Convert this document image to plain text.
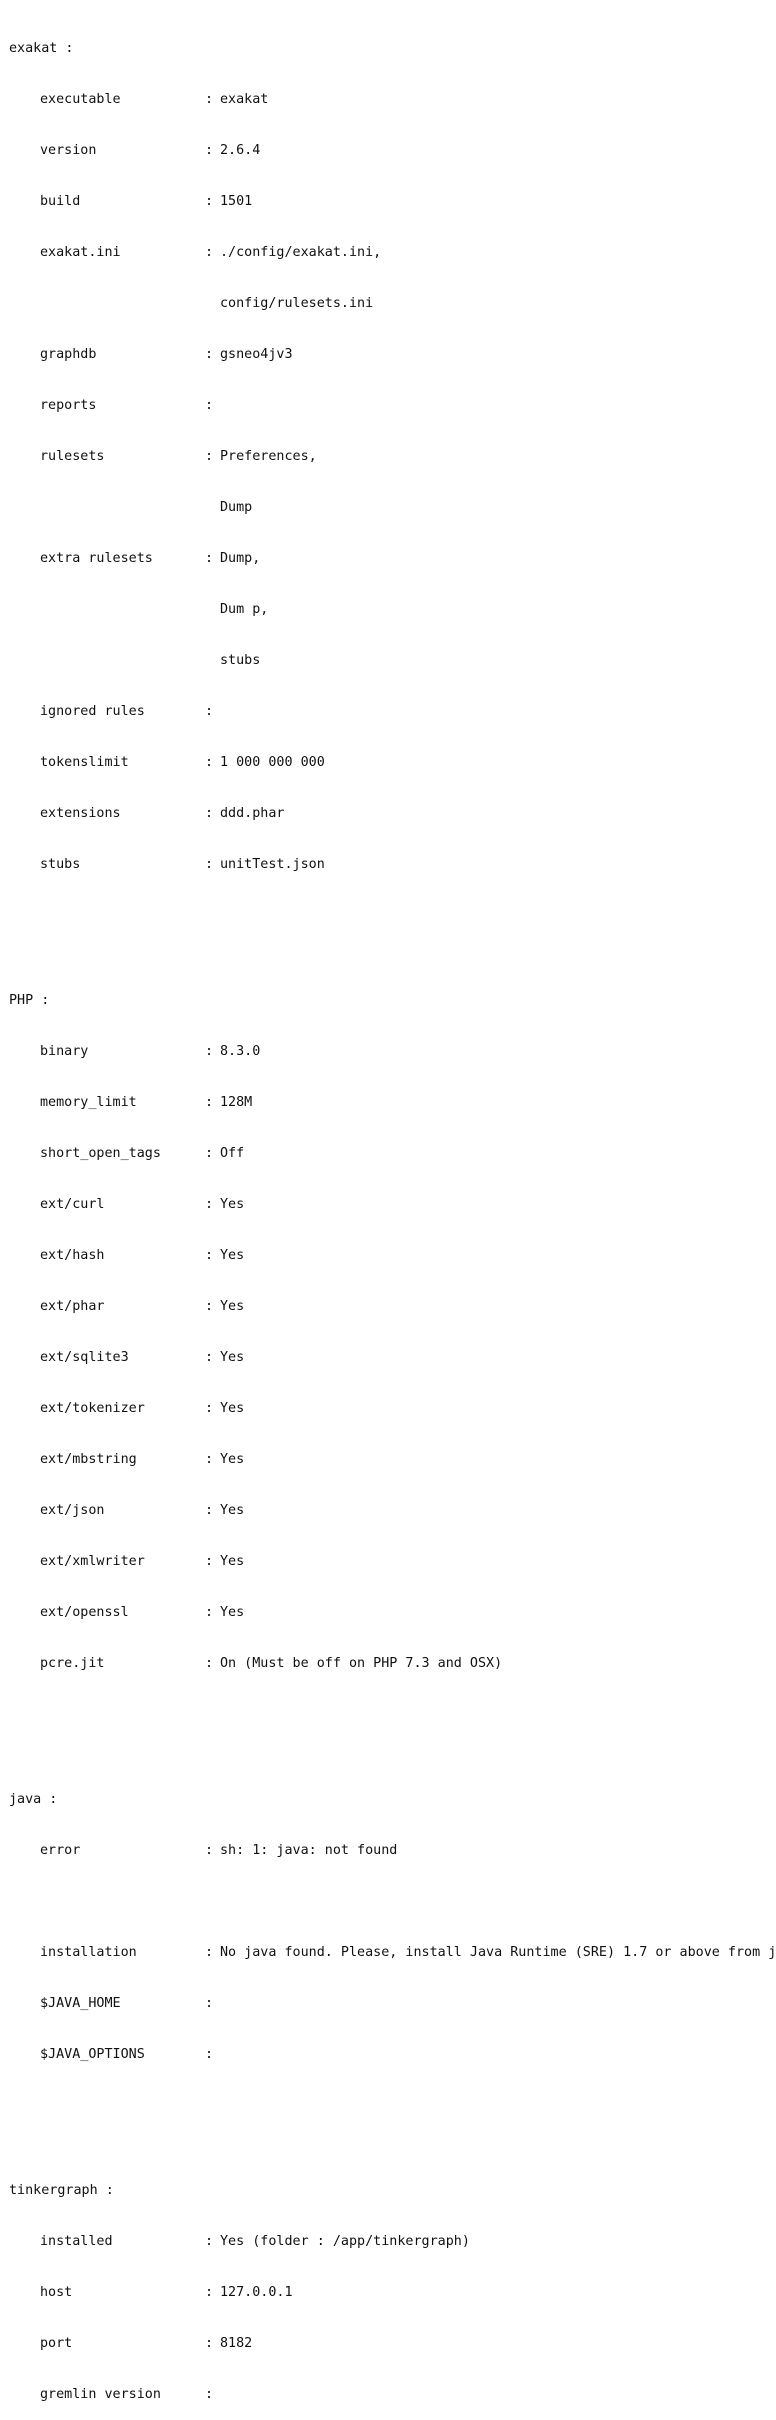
exakat :

executable	: exakat

version	: 2.6.4

build	: 1501

exakat.ini	: ./config/exakat.ini,

config/rulesets.ini

graphdb	: gsneo4jv3

reports	:

rulesets	: Preferences,

Dump

extra rulesets	: Dump,

Dum p,

stubs

ignored rules	:

tokenslimit	: 1 000 000 000

extensions	: ddd.phar

stubs	: unitTest.json

PHP :

binary	: 8.3.0

memory_limit	: 128M

short_open_tags	: Off

ext/curl	: Yes

ext/hash	: Yes

ext/phar	: Yes

ext/sqlite3	: Yes

ext/tokenizer	: Yes

ext/mbstring	: Yes

ext/json	: Yes

ext/xmlwriter	: Yes

ext/openssl	: Yes

pcre.jit	: On (Must be off on PHP 7.3 and OSX)

java :

error	: sh: 1: java: not found

installation	: No java found. Please, install Java Runtime (SRE) 1.7 or above from j

$JAVA_HOME	:

$JAVA_OPTIONS	:

tinkergraph :

installed	: Yes (folder : /app/tinkergraph)

host	: 127.0.0.1

port	: 8182

gremlin version	:
